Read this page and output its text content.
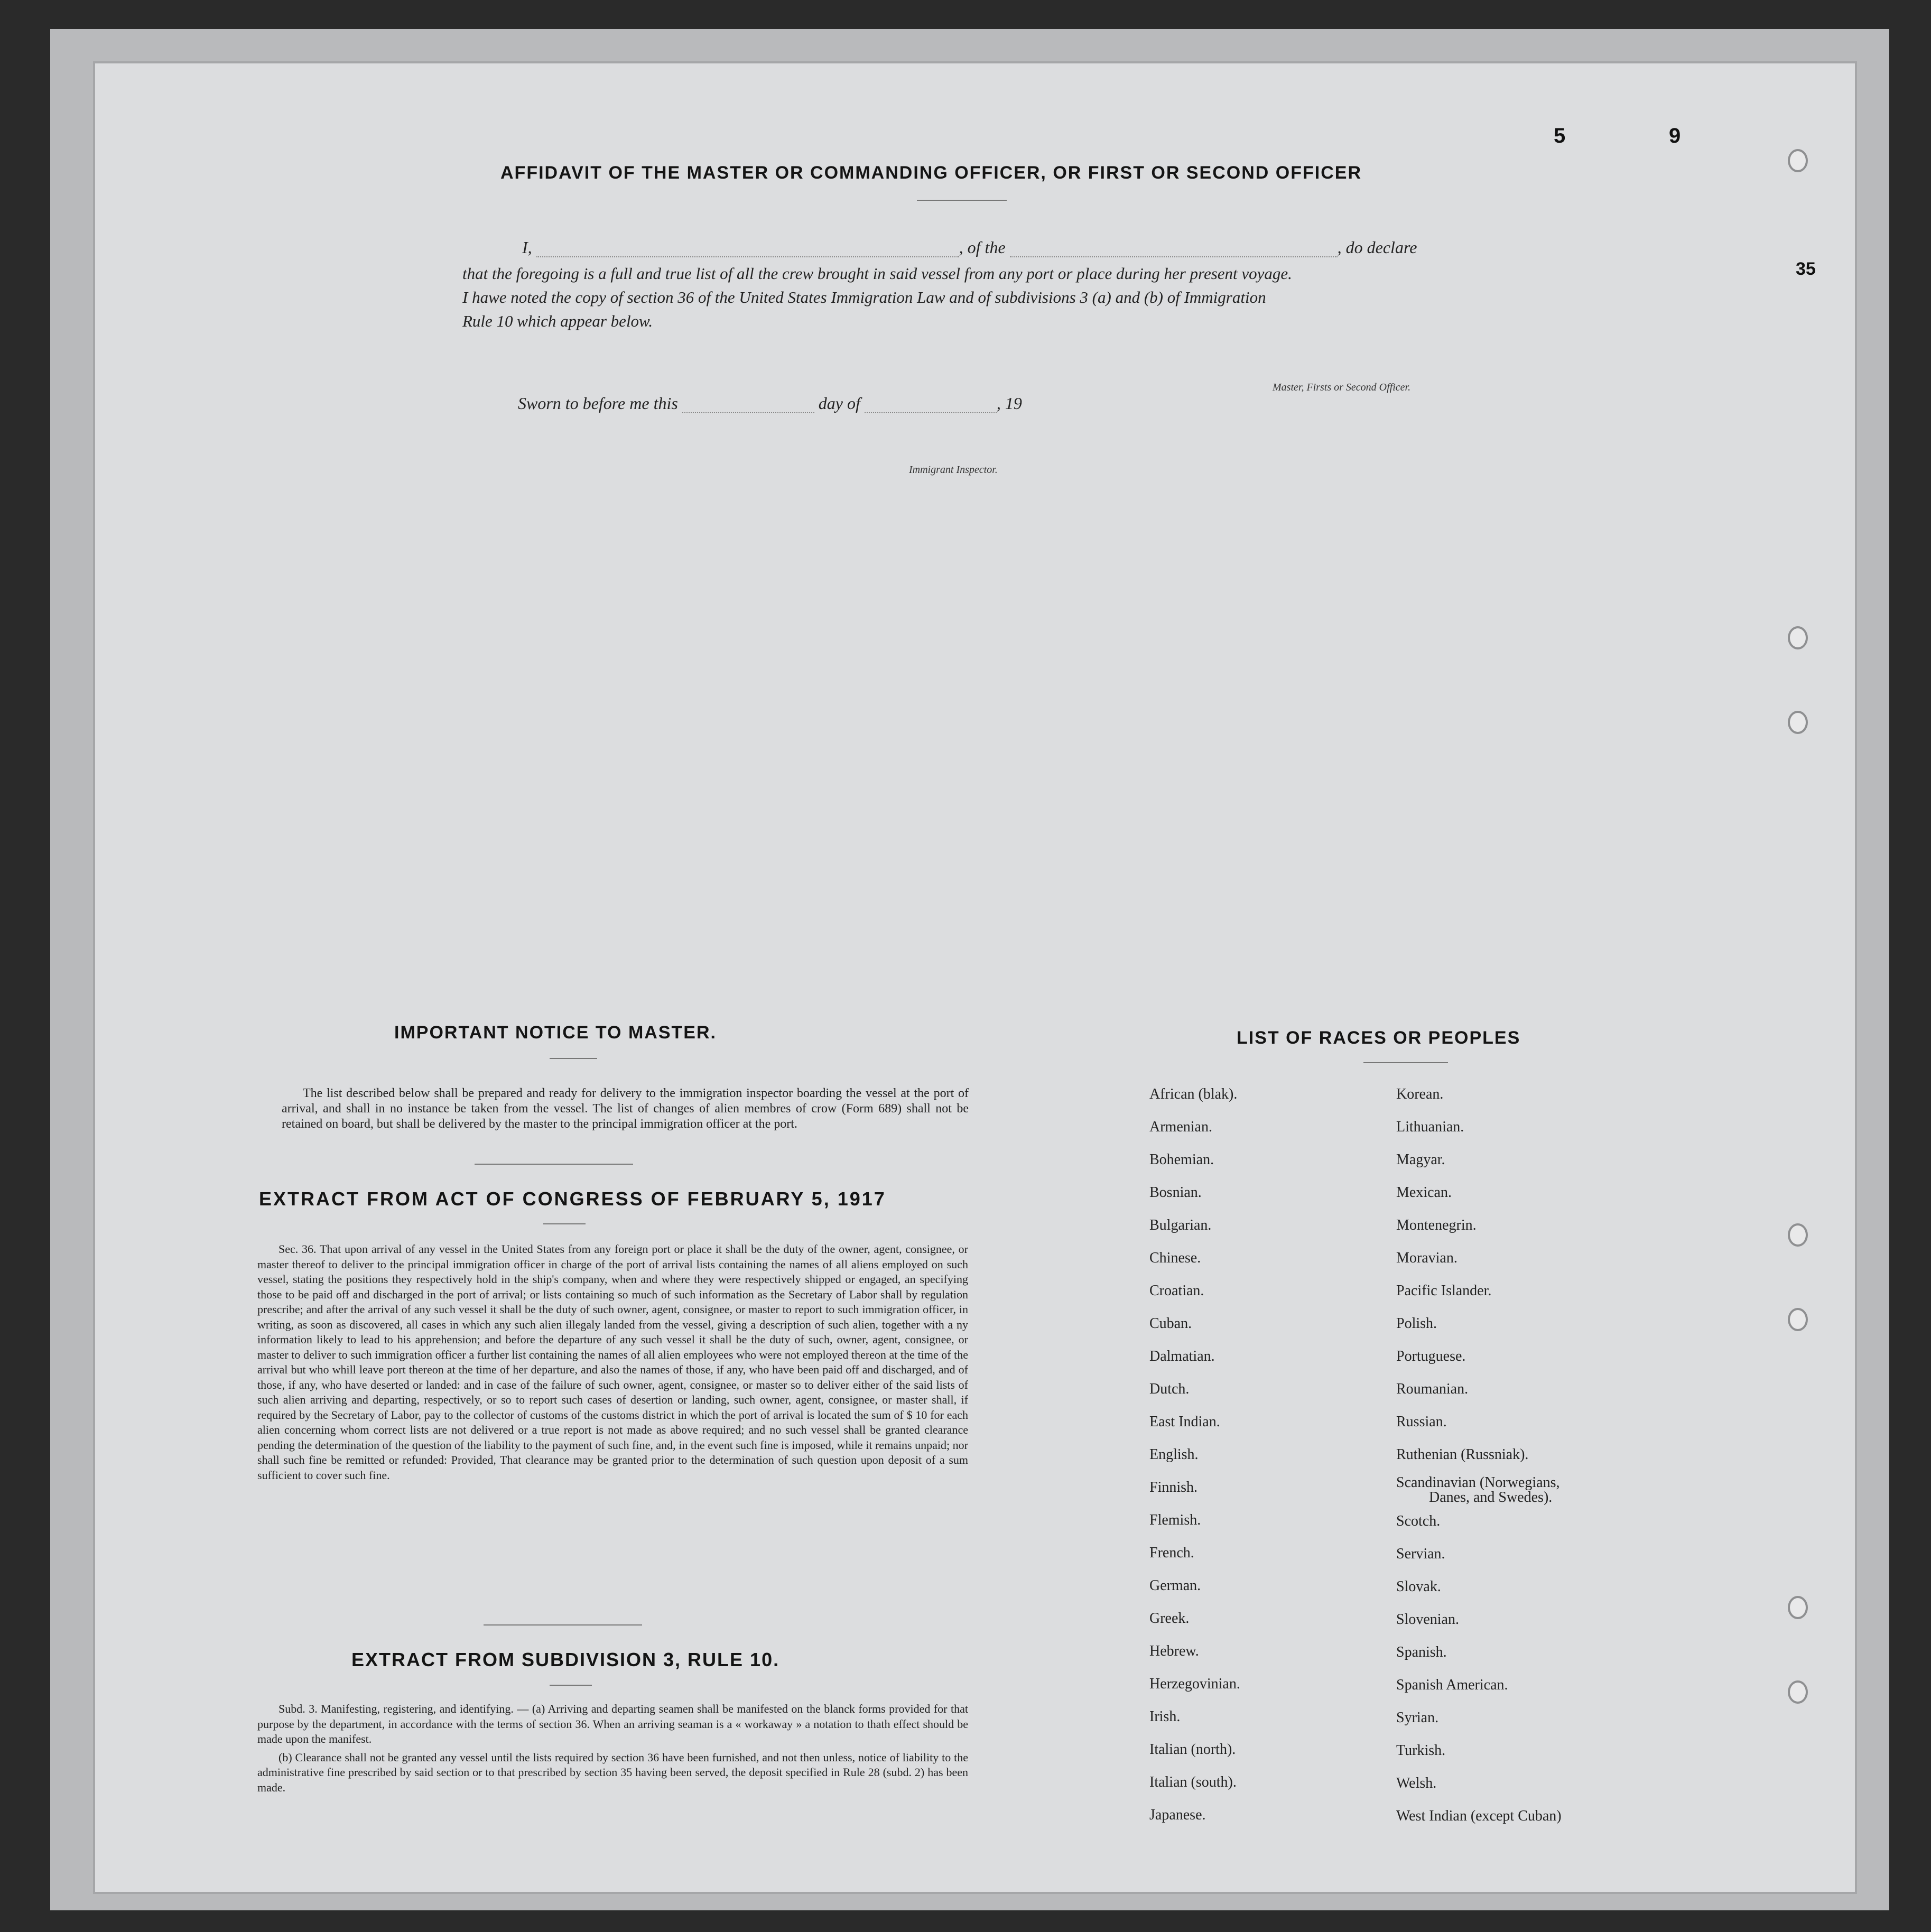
5	9
35
AFFIDAVIT OF THE MASTER OR COMMANDING OFFICER, OR FIRST OR SECOND OFFICER
I,	, of the	, do declare
that the foregoing is a full and true list of all the crew brought in said vessel from any port or place during her present voyage.
I hawe noted the copy of section 36 of the United States Immigration Law and of subdivisions 3 (a) and (b) of Immigration
Rule 10 which appear below.
Master, Firsts or Second Officer.
Sworn to before me this	day of	, 19
Immigrant Inspector.
IMPORTANT NOTICE TO MASTER.

The list described below shall be prepared and ready for delivery to the immigration inspector boarding the vessel at the port of arrival, and shall in no instance be taken from the vessel. The list of changes of alien membres of crow (Form 689) shall not be retained on board, but shall be delivered by the master to the principal immigration officer at the port.

EXTRACT FROM ACT OF CONGRESS OF FEBRUARY 5, 1917

Sec. 36. That upon arrival of any vessel in the United States from any foreign port or place it shall be the duty of the owner, agent, consignee, or master thereof to deliver to the principal immigration officer in charge of the port of arrival lists containing the names of all aliens employed on such vessel, stating the positions they respectively hold in the ship's company, when and where they were respectively shipped or engaged, an specifying those to be paid off and discharged in the port of arrival; or lists containing so much of such information as the Secretary of Labor shall by regulation prescribe; and after the arrival of any such vessel it shall be the duty of such owner, agent, consignee, or master to report to such immigration officer, in writing, as soon as discovered, all cases in which any such alien illegaly landed from the vessel, giving a description of such alien, together with a ny information likely to lead to his apprehension; and before the departure of any such vessel it shall be the duty of such, owner, agent, consignee, or master to deliver to such immigration officer a further list containing the names of all alien employees who were not employed thereon at the time of the arrival but who whill leave port thereon at the time of her departure, and also the names of those, if any, who have been paid off and discharged, and of those, if any, who have deserted or landed: and in case of the failure of such owner, agent, consignee, or master so to deliver either of the said lists of such alien arriving and departing, respectively, or so to report such cases of desertion or landing, such owner, agent, consignee, or master shall, if required by the Secretary of Labor, pay to the collector of customs of the customs district in which the port of arrival is located the sum of $ 10 for each alien concerning whom correct lists are not delivered or a true report is not made as above required; and no such vessel shall be granted clearance pending the determination of the question of the liability to the payment of such fine, and, in the event such fine is imposed, while it remains unpaid; nor shall such fine be remitted or refunded: Provided, That clearance may be granted prior to the determination of such question upon deposit of a sum sufficient to cover such fine.

EXTRACT FROM SUBDIVISION 3, RULE 10.

Subd. 3. Manifesting, registering, and identifying. — (a) Arriving and departing seamen shall be manifested on the blanck forms provided for that purpose by the department, in accordance with the terms of section 36. When an arriving seaman is a « workaway » a notation to thath effect should be made upon the manifest.

(b) Clearance shall not be granted any vessel until the lists required by section 36 have been furnished, and not then unless, notice of liability to the administrative fine prescribed by said section or to that prescribed by section 35 having been served, the deposit specified in Rule 28 (subd. 2) has been made.

LIST OF RACES OR PEOPLES
African (blak).
Armenian.
Bohemian.
Bosnian.
Bulgarian.
Chinese.
Croatian.
Cuban.
Dalmatian.
Dutch.
East Indian.
English.
Finnish.
Flemish.
French.
German.
Greek.
Hebrew.
Herzegovinian.
Irish.
Italian (north).
Italian (south).
Japanese.
Korean.
Lithuanian.
Magyar.
Mexican.
Montenegrin.
Moravian.
Pacific Islander.
Polish.
Portuguese.
Roumanian.
Russian.
Ruthenian (Russniak).
Scandinavian (Norwegians,
Danes, and Swedes).
Scotch.
Servian.
Slovak.
Slovenian.
Spanish.
Spanish American.
Syrian.
Turkish.
Welsh.
West Indian (except Cuban)
